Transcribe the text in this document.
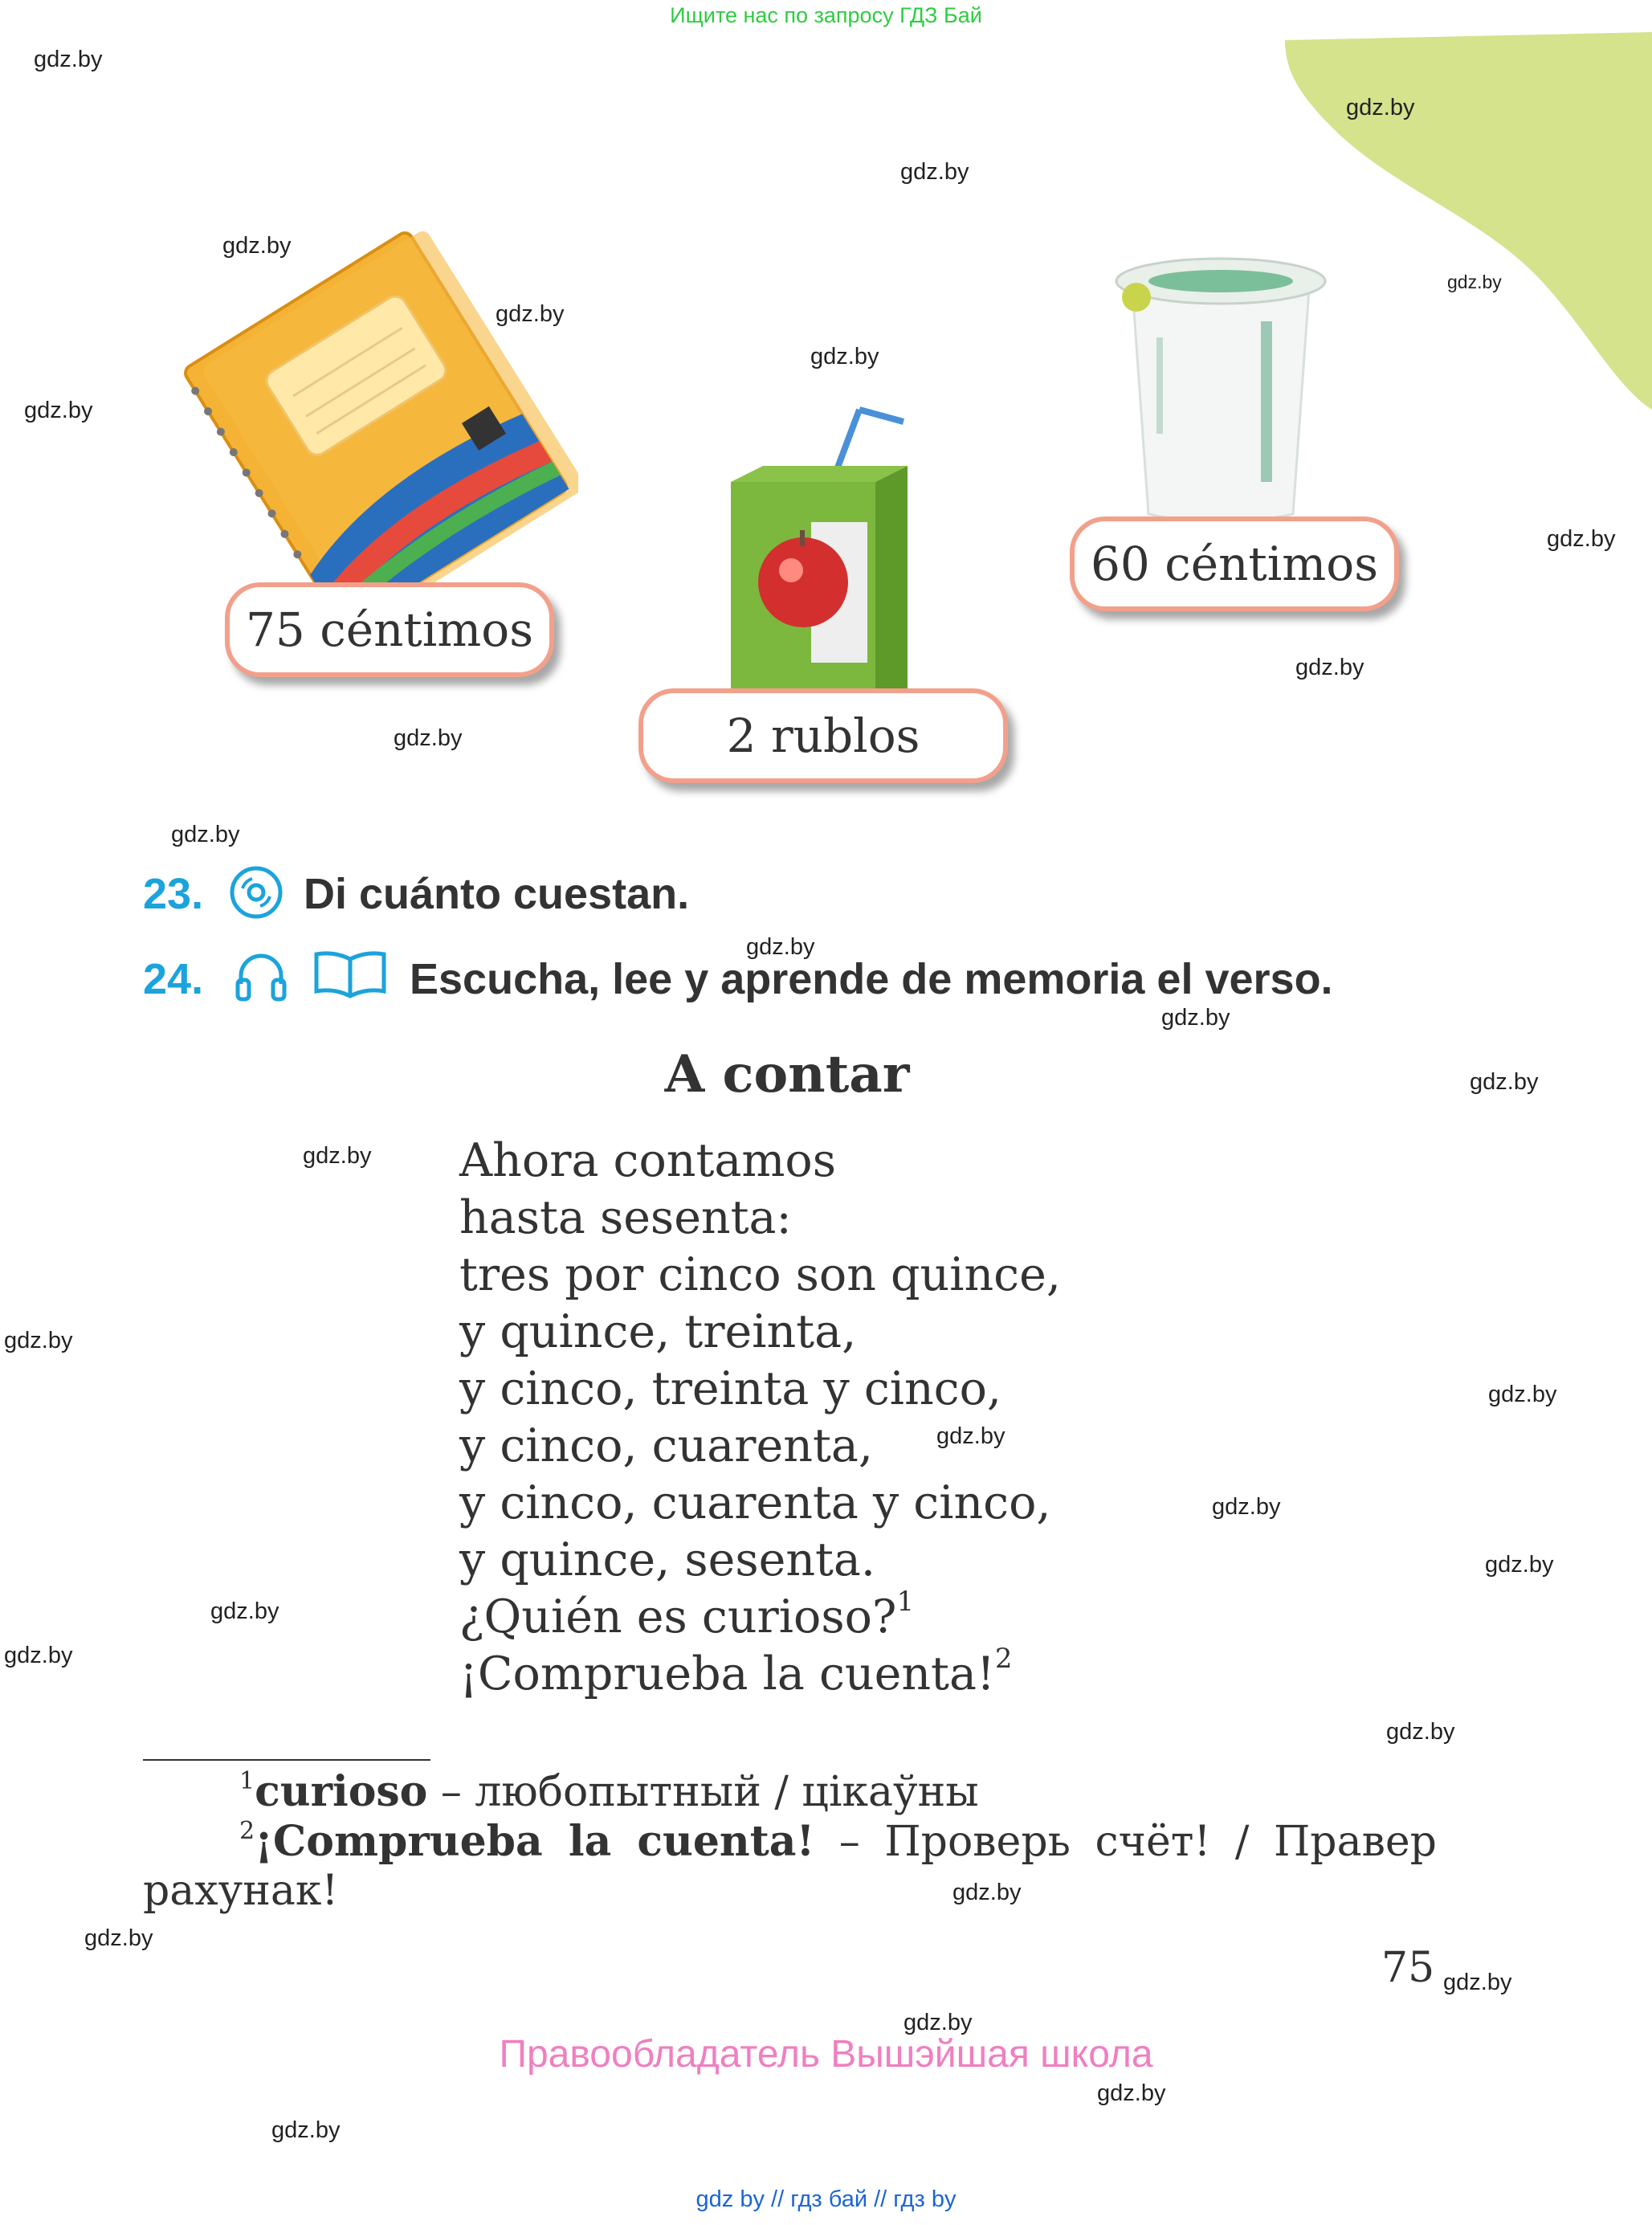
Ищите нас по запросу ГДЗ Бай
75 céntimos
2 rublos
60 céntimos
23. Di cuánto cuestan.
24.	Escucha, lee y aprende de memoria el verso.
A contar
Ahora contamos
hasta sesenta:
tres por cinco son quince,
y quince, treinta,
y cinco, treinta y cinco,
y cinco, cuarenta,
y cinco, cuarenta y cinco,
y quince, sesenta.
¿Quién es curioso?$^1$
¡Comprueba la cuenta!$^2$
$^1$curioso – любопытный / цікаўны
$^2$¡Comprueba la cuenta! – Проверь счёт! / Правер
рахунак!
75
Правообладатель Вышэйшая школа
gdz by // гдз бай // гдз by
gdz.by
gdz.by
gdz.by
gdz.by
gdz.by
gdz.by
gdz.by
gdz.by
gdz.by
gdz.by
gdz.by
gdz.by
gdz.by
gdz.by
gdz.by
gdz.by
gdz.by
gdz.by
gdz.by
gdz.by
gdz.by
gdz.by
gdz.by
gdz.by
gdz.by
gdz.by
gdz.by
gdz.by
gdz.by
gdz.by
